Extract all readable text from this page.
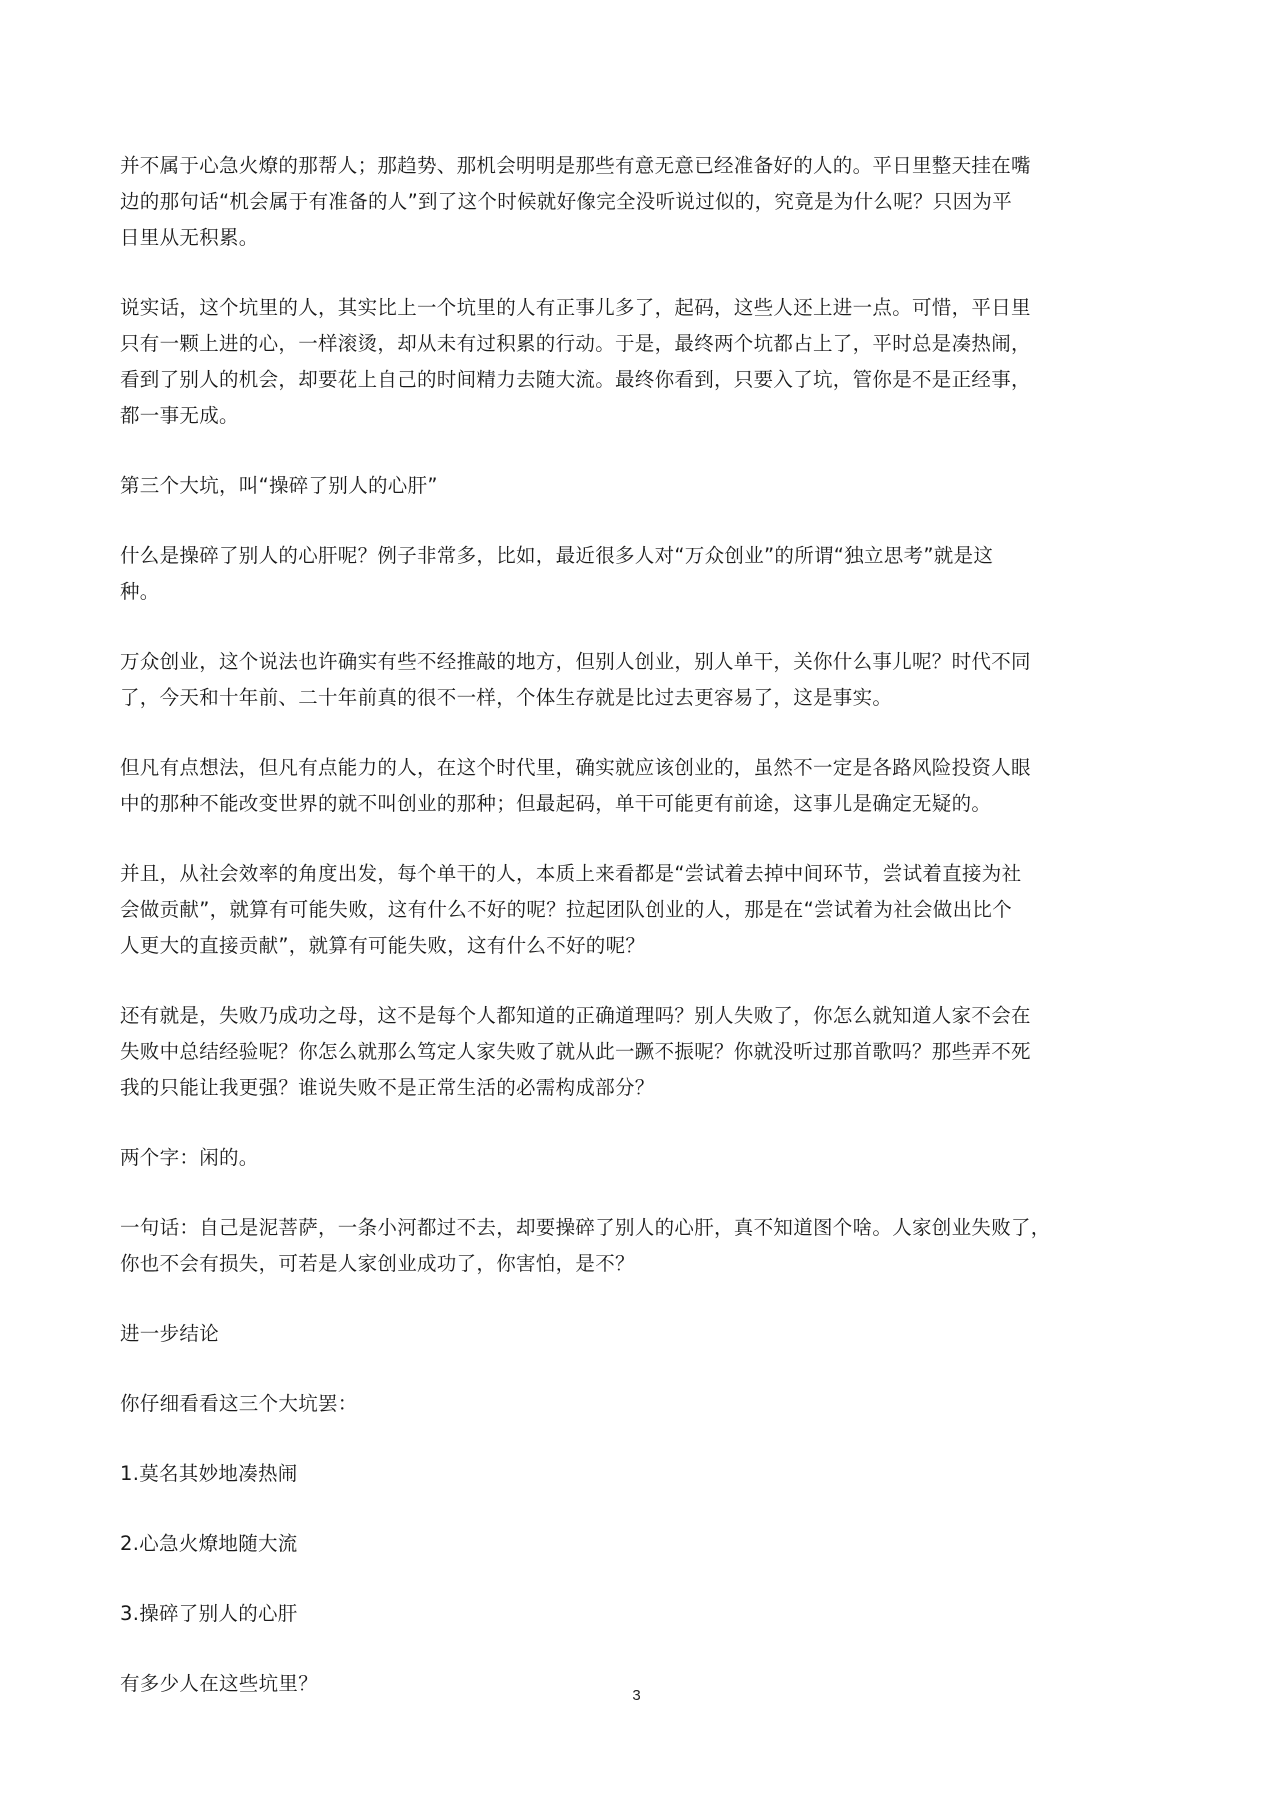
并不属于心急火燎的那帮人；那趋势、那机会明明是那些有意无意已经准备好的人的。平日里整天挂在嘴
边的那句话“机会属于有准备的人”到了这个时候就好像完全没听说过似的，究竟是为什么呢？只因为平
日里从无积累。

说实话，这个坑里的人，其实比上一个坑里的人有正事儿多了，起码，这些人还上进一点。可惜，平日里
只有一颗上进的心，一样滚烫，却从未有过积累的行动。于是，最终两个坑都占上了，平时总是凑热闹，
看到了别人的机会，却要花上自己的时间精力去随大流。最终你看到，只要入了坑，管你是不是正经事，
都一事无成。

第三个大坑，叫“操碎了别人的心肝”

什么是操碎了别人的心肝呢？例子非常多，比如，最近很多人对“万众创业”的所谓“独立思考”就是这
种。

万众创业，这个说法也许确实有些不经推敲的地方，但别人创业，别人单干，关你什么事儿呢？时代不同
了，今天和十年前、二十年前真的很不一样，个体生存就是比过去更容易了，这是事实。

但凡有点想法，但凡有点能力的人，在这个时代里，确实就应该创业的，虽然不一定是各路风险投资人眼
中的那种不能改变世界的就不叫创业的那种；但最起码，单干可能更有前途，这事儿是确定无疑的。

并且，从社会效率的角度出发，每个单干的人，本质上来看都是“尝试着去掉中间环节，尝试着直接为社
会做贡献”，就算有可能失败，这有什么不好的呢？拉起团队创业的人，那是在“尝试着为社会做出比个
人更大的直接贡献”，就算有可能失败，这有什么不好的呢？

还有就是，失败乃成功之母，这不是每个人都知道的正确道理吗？别人失败了，你怎么就知道人家不会在
失败中总结经验呢？你怎么就那么笃定人家失败了就从此一蹶不振呢？你就没听过那首歌吗？那些弄不死
我的只能让我更强？谁说失败不是正常生活的必需构成部分？

两个字：闲的。

一句话：自己是泥菩萨，一条小河都过不去，却要操碎了别人的心肝，真不知道图个啥。人家创业失败了，
你也不会有损失，可若是人家创业成功了，你害怕，是不？

进一步结论

你仔细看看这三个大坑罢：

1.莫名其妙地凑热闹

2.心急火燎地随大流

3.操碎了别人的心肝

有多少人在这些坑里？

3
